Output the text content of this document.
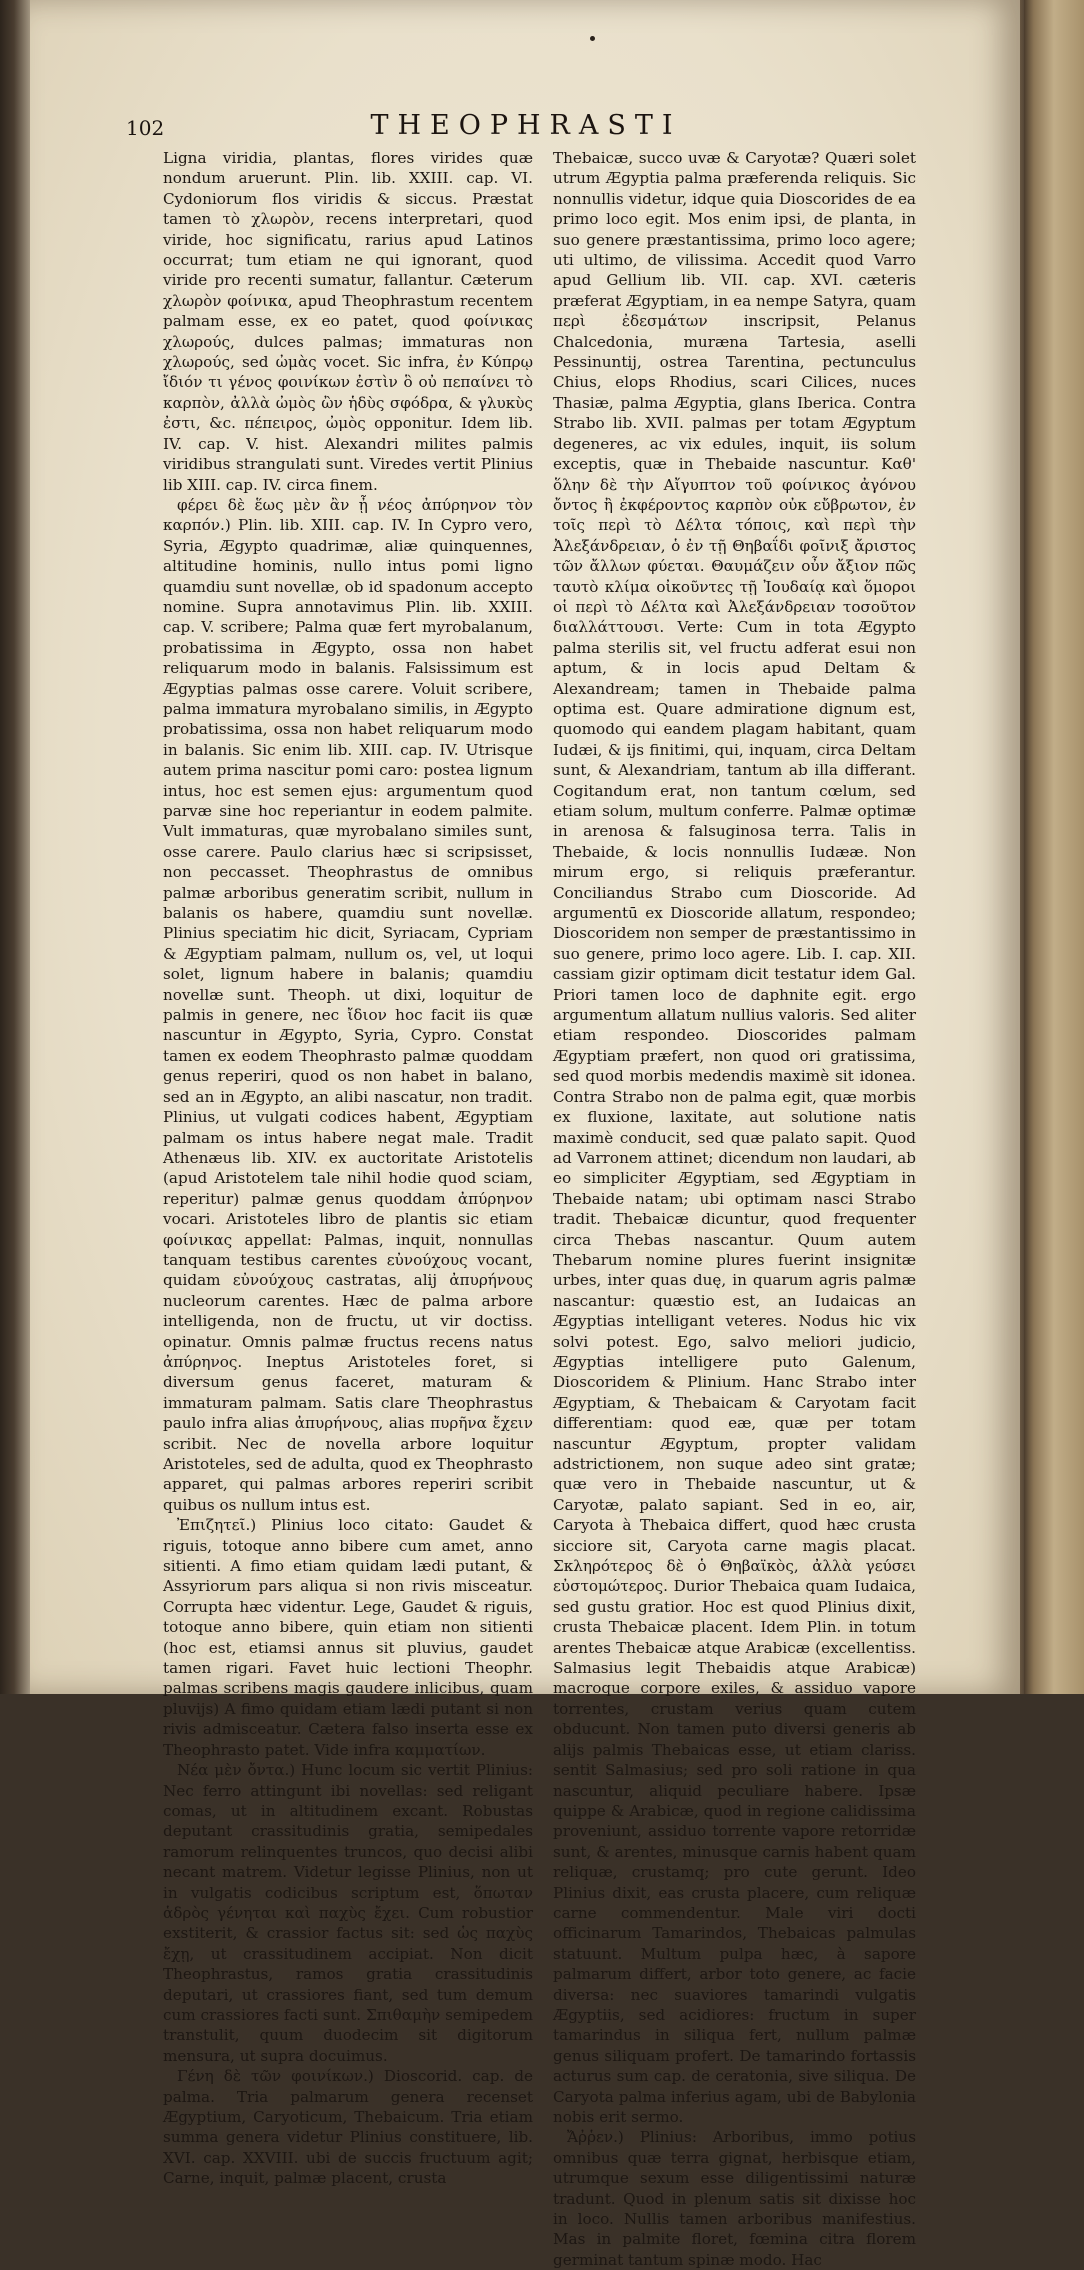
102	THEOPHRASTI

Ligna viridia, plantas, flores virides quæ nondum aruerunt. Plin. lib. XXIII. cap. VI. Cydoniorum flos viridis & siccus. Præstat tamen τὸ χλωρὸν, recens interpretari, quod viride, hoc significatu, rarius apud Latinos occurrat; tum etiam ne qui ignorant, quod viride pro recenti sumatur, fallantur. Cæterum χλωρὸν φοίνικα, apud Theophrastum recentem palmam esse, ex eo patet, quod φοίνικας χλωρούς, dulces palmas; immaturas non χλωρούς, sed ὠμὰς vocet. Sic infra, ἐν Κύπρῳ ἴδιόν τι γένος φοινίκων ἐστὶν ὃ οὐ πεπαίνει τὸ καρπὸν, ἀλλὰ ὠμὸς ὢν ἡδὺς σφόδρα, & γλυκὺς ἐστι, &c. πέπειρος, ὠμὸς opponitur. Idem lib. IV. cap. V. hist. Alexandri milites palmis viridibus strangulati sunt. Viredes vertit Plinius lib XIII. cap. IV. circa finem.

φέρει δὲ ἕως μὲν ἂν ᾖ νέος ἀπύρηνον τὸν καρπόν.) Plin. lib. XIII. cap. IV. In Cypro vero, Syria, Ægypto quadrimæ, aliæ quinquennes, altitudine hominis, nullo intus pomi ligno quamdiu sunt novellæ, ob id spadonum accepto nomine. Supra annotavimus Plin. lib. XXIII. cap. V. scribere; Palma quæ fert myrobalanum, probatissima in Ægypto, ossa non habet reliquarum modo in balanis. Falsissimum est Ægyptias palmas osse carere. Voluit scribere, palma immatura myrobalano similis, in Ægypto probatissima, ossa non habet reliquarum modo in balanis. Sic enim lib. XIII. cap. IV. Utrisque autem prima nascitur pomi caro: postea lignum intus, hoc est semen ejus: argumentum quod parvæ sine hoc reperiantur in eodem palmite. Vult immaturas, quæ myrobalano similes sunt, osse carere. Paulo clarius hæc si scripsisset, non peccasset. Theophrastus de omnibus palmæ arboribus generatim scribit, nullum in balanis os habere, quamdiu sunt novellæ. Plinius speciatim hic dicit, Syriacam, Cypriam & Ægyptiam palmam, nullum os, vel, ut loqui solet, lignum habere in balanis; quamdiu novellæ sunt. Theoph. ut dixi, loquitur de palmis in genere, nec ἴδιον hoc facit iis quæ nascuntur in Ægypto, Syria, Cypro. Constat tamen ex eodem Theophrasto palmæ quoddam genus reperiri, quod os non habet in balano, sed an in Ægypto, an alibi nascatur, non tradit. Plinius, ut vulgati codices habent, Ægyptiam palmam os intus habere negat male. Tradit Athenæus lib. XIV. ex auctoritate Aristotelis (apud Aristotelem tale nihil hodie quod sciam, reperitur) palmæ genus quoddam ἀπύρηνον vocari. Aristoteles libro de plantis sic etiam φοίνικας appellat: Palmas, inquit, nonnullas tanquam testibus carentes εὐνούχους vocant, quidam εὐνούχους castratas, alij ἀπυρήνους nucleorum carentes. Hæc de palma arbore intelligenda, non de fructu, ut vir doctiss. opinatur. Omnis palmæ fructus recens natus ἀπύρηνος. Ineptus Aristoteles foret, si diversum genus faceret, maturam & immaturam palmam. Satis clare Theophrastus paulo infra alias ἀπυρήνους, alias πυρῆνα ἔχειν scribit. Nec de novella arbore loquitur Aristoteles, sed de adulta, quod ex Theophrasto apparet, qui palmas arbores reperiri scribit quibus os nullum intus est.

Ἐπιζητεῖ.) Plinius loco citato: Gaudet & riguis, totoque anno bibere cum amet, anno sitienti. A fimo etiam quidam lædi putant, & Assyriorum pars aliqua si non rivis misceatur. Corrupta hæc videntur. Lege, Gaudet & riguis, totoque anno bibere, quin etiam non sitienti (hoc est, etiamsi annus sit pluvius, gaudet tamen rigari. Favet huic lectioni Theophr. palmas scribens magis gaudere inlicibus, quam pluvijs) A fimo quidam etiam lædi putant si non rivis admisceatur. Cætera falso inserta esse ex Theophrasto patet. Vide infra καμματίων.

Νέα μὲν ὄντα.) Hunc locum sic vertit Plinius: Nec ferro attingunt ibi novellas: sed religant comas, ut in altitudinem excant. Robustas deputant crassitudinis gratia, semipedales ramorum relinquentes truncos, quo decisi alibi necant matrem. Videtur legisse Plinius, non ut in vulgatis codicibus scriptum est, ὅπωταν ἁδρὸς γένηται καὶ παχὺς ἔχει. Cum robustior exstiterit, & crassior factus sit: sed ὡς παχὺς ἔχῃ, ut crassitudinem accipiat. Non dicit Theophrastus, ramos gratia crassitudinis deputari, ut crassiores fiant, sed tum demum cum crassiores facti sunt. Σπιθαμὴν semipedem transtulit, quum duodecim sit digitorum mensura, ut supra docuimus.

Γένη δὲ τῶν φοινίκων.) Dioscorid. cap. de palma. Tria palmarum genera recenset Ægyptium, Caryoticum, Thebaicum. Tria etiam summa genera videtur Plinius constituere, lib. XVI. cap. XXVIII. ubi de succis fructuum agit; Carne, inquit, palmæ placent, crusta

Thebaicæ, succo uvæ & Caryotæ? Quæri solet utrum Ægyptia palma præferenda reliquis. Sic nonnullis videtur, idque quia Dioscorides de ea primo loco egit. Mos enim ipsi, de planta, in suo genere præstantissima, primo loco agere; uti ultimo, de vilissima. Accedit quod Varro apud Gellium lib. VII. cap. XVI. cæteris præferat Ægyptiam, in ea nempe Satyra, quam περὶ ἐδεσμάτων inscripsit, Pelanus Chalcedonia, muræna Tartesia, aselli Pessinuntij, ostrea Tarentina, pectunculus Chius, elops Rhodius, scari Cilices, nuces Thasiæ, palma Ægyptia, glans Iberica. Contra Strabo lib. XVII. palmas per totam Ægyptum degeneres, ac vix edules, inquit, iis solum exceptis, quæ in Thebaide nascuntur. Καθ' ὅλην δὲ τὴν Αἴγυπτον τοῦ φοίνικος ἀγόνου ὄντος ἢ ἐκφέροντος καρπὸν οὐκ εὔβρωτον, ἐν τοῖς περὶ τὸ Δέλτα τόποις, καὶ περὶ τὴν Ἀλεξάνδρειαν, ὁ ἐν τῇ Θηβαΐδι φοῖνιξ ἄριστος τῶν ἄλλων φύεται. Θαυμάζειν οὖν ἄξιον πῶς ταυτὸ κλίμα οἰκοῦντες τῇ Ἰουδαίᾳ καὶ ὅμοροι οἱ περὶ τὸ Δέλτα καὶ Ἀλεξάνδρειαν τοσοῦτον διαλλάττουσι. Verte: Cum in tota Ægypto palma sterilis sit, vel fructu adferat esui non aptum, & in locis apud Deltam & Alexandream; tamen in Thebaide palma optima est. Quare admiratione dignum est, quomodo qui eandem plagam habitant, quam Iudæi, & ijs finitimi, qui, inquam, circa Deltam sunt, & Alexandriam, tantum ab illa differant. Cogitandum erat, non tantum cœlum, sed etiam solum, multum conferre. Palmæ optimæ in arenosa & falsuginosa terra. Talis in Thebaide, & locis nonnullis Iudææ. Non mirum ergo, si reliquis præferantur. Conciliandus Strabo cum Dioscoride. Ad argumentū ex Dioscoride allatum, respondeo; Dioscoridem non semper de præstantissimo in suo genere, primo loco agere. Lib. I. cap. XII. cassiam gizir optimam dicit testatur idem Gal. Priori tamen loco de daphnite egit. ergo argumentum allatum nullius valoris. Sed aliter etiam respondeo. Dioscorides palmam Ægyptiam præfert, non quod ori gratissima, sed quod morbis medendis maximè sit idonea. Contra Strabo non de palma egit, quæ morbis ex fluxione, laxitate, aut solutione natis maximè conducit, sed quæ palato sapit. Quod ad Varronem attinet; dicendum non laudari, ab eo simpliciter Ægyptiam, sed Ægyptiam in Thebaide natam; ubi optimam nasci Strabo tradit. Thebaicæ dicuntur, quod frequenter circa Thebas nascantur. Quum autem Thebarum nomine plures fuerint insignitæ urbes, inter quas duę, in quarum agris palmæ nascantur: quæstio est, an Iudaicas an Ægyptias intelligant veteres. Nodus hic vix solvi potest. Ego, salvo meliori judicio, Ægyptias intelligere puto Galenum, Dioscoridem & Plinium. Hanc Strabo inter Ægyptiam, & Thebaicam & Caryotam facit differentiam: quod eæ, quæ per totam nascuntur Ægyptum, propter validam adstrictionem, non suque adeo sint gratæ; quæ vero in Thebaide nascuntur, ut & Caryotæ, palato sapiant. Sed in eo, air, Caryota à Thebaica differt, quod hæc crusta sicciore sit, Caryota carne magis placat. Σκληρότερος δὲ ὁ Θηβαϊκὸς, ἀλλὰ γεύσει εὐστομώτερος. Durior Thebaica quam Iudaica, sed gustu gratior. Hoc est quod Plinius dixit, crusta Thebaicæ placent. Idem Plin. in totum arentes Thebaicæ atque Arabicæ (excellentiss. Salmasius legit Thebaidis atque Arabicæ) macroque corpore exiles, & assiduo vapore torrentes, crustam verius quam cutem obducunt. Non tamen puto diversi generis ab alijs palmis Thebaicas esse, ut etiam clariss. sentit Salmasius; sed pro soli ratione in qua nascuntur, aliquid peculiare habere. Ipsæ quippe & Arabicæ, quod in regione calidissima proveniunt, assiduo torrente vapore retorridæ sunt, & arentes, minusque carnis habent quam reliquæ, crustamq; pro cute gerunt. Ideo Plinius dixit, eas crusta placere, cum reliquæ carne commendentur. Male viri docti officinarum Tamarindos, Thebaicas palmulas statuunt. Multum pulpa hæc, à sapore palmarum differt, arbor toto genere, ac facie diversa: nec suaviores tamarindi vulgatis Ægyptiis, sed acidiores: fructum in super tamarindus in siliqua fert, nullum palmæ genus siliquam profert. De tamarindo fortassis acturus sum cap. de ceratonia, sive siliqua. De Caryota palma inferius agam, ubi de Babylonia nobis erit sermo.

Ἄῤῥεν.) Plinius: Arboribus, immo potius omnibus quæ terra gignat, herbisque etiam, utrumque sexum esse diligentissimi naturæ tradunt. Quod in plenum satis sit dixisse hoc in loco. Nullis tamen arboribus manifestius. Mas in palmite floret, fœmina citra florem germinat tantum spinæ modo. Hac
